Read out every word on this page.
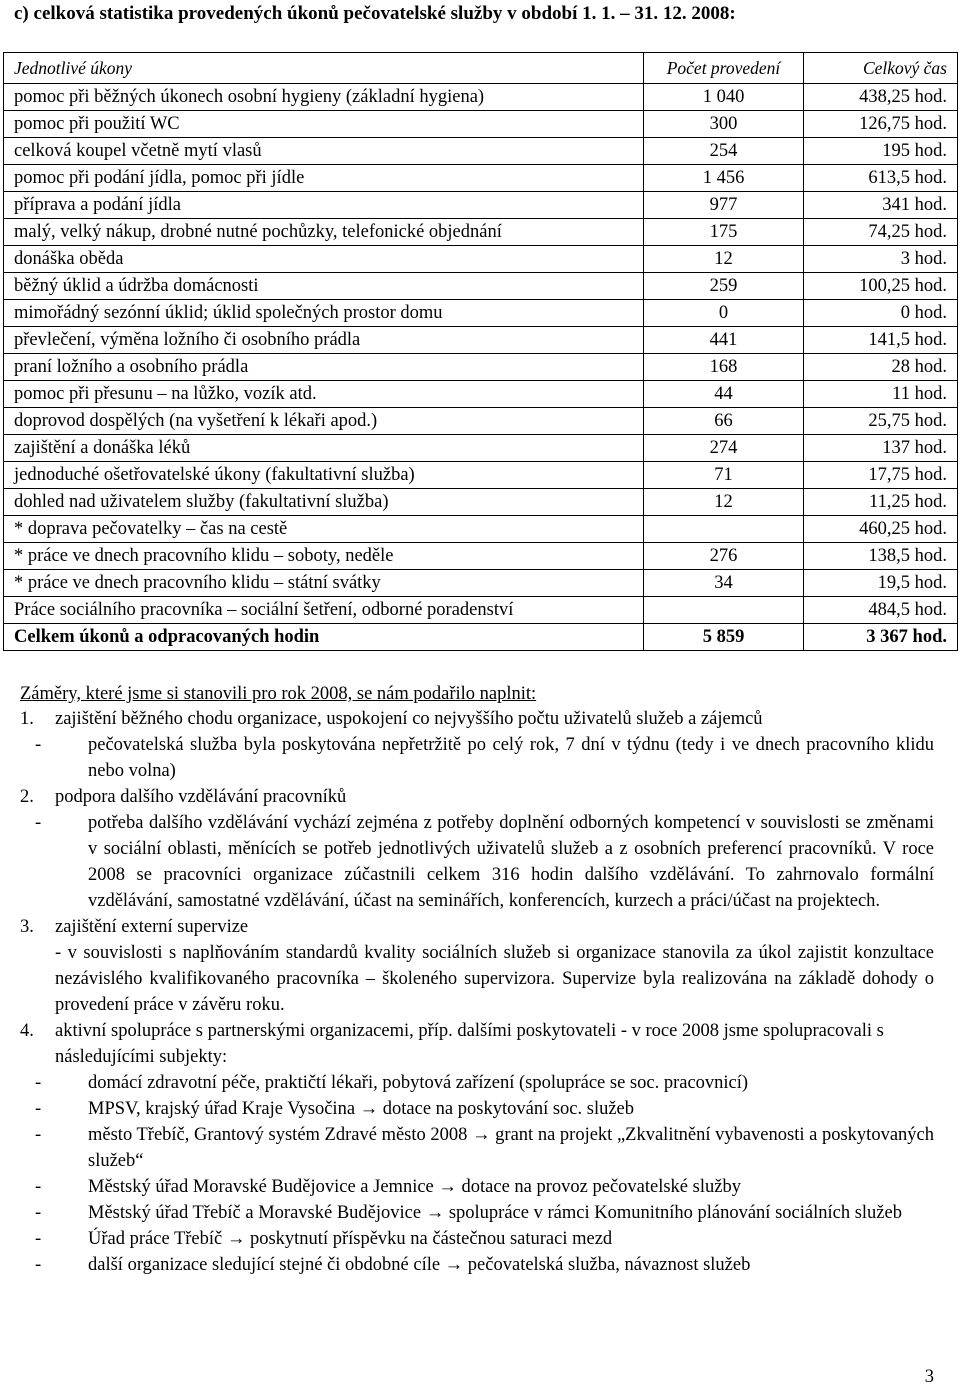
c) celková statistika provedených úkonů pečovatelské služby v období 1. 1. – 31. 12. 2008:
Jednotlivé úkony	Počet provedení	Celkový čas
pomoc při běžných úkonech osobní hygieny (základní hygiena)	1 040	438,25 hod.
pomoc při použití WC	300	126,75 hod.
celková koupel včetně mytí vlasů	254	195 hod.
pomoc při podání jídla, pomoc při jídle	1 456	613,5 hod.
příprava a podání jídla	977	341 hod.
malý, velký nákup, drobné nutné pochůzky, telefonické objednání	175	74,25 hod.
donáška oběda	12	3 hod.
běžný úklid a údržba domácnosti	259	100,25 hod.
mimořádný sezónní úklid; úklid společných prostor domu	0	0 hod.
převlečení, výměna ložního či osobního prádla	441	141,5 hod.
praní ložního a osobního prádla	168	28 hod.
pomoc při přesunu – na lůžko, vozík atd.	44	11 hod.
doprovod dospělých (na vyšetření k lékaři apod.)	66	25,75 hod.
zajištění a donáška léků	274	137 hod.
jednoduché ošetřovatelské úkony (fakultativní služba)	71	17,75 hod.
dohled nad uživatelem služby (fakultativní služba)	12	11,25 hod.
* doprava pečovatelky – čas na cestě		460,25 hod.
* práce ve dnech pracovního klidu – soboty, neděle	276	138,5 hod.
* práce ve dnech pracovního klidu – státní svátky	34	19,5 hod.
Práce sociálního pracovníka – sociální šetření, odborné poradenství		484,5 hod.
Celkem úkonů a odpracovaných hodin	5 859	3 367 hod.
Záměry, které jsme si stanovili pro rok 2008, se nám podařilo naplnit:
1.	zajištění běžného chodu organizace, uspokojení co nejvyššího počtu uživatelů služeb a zájemců
-	pečovatelská služba byla poskytována nepřetržitě po celý rok, 7 dní v týdnu (tedy i ve dnech pracovního klidu nebo volna)
2.	podpora dalšího vzdělávání pracovníků
-	potřeba dalšího vzdělávání vychází zejména z potřeby doplnění odborných kompetencí v souvislosti se změnami v sociální oblasti, měnících se potřeb jednotlivých uživatelů služeb a z osobních preferencí pracovníků. V roce 2008 se pracovníci organizace zúčastnili celkem 316 hodin dalšího vzdělávání. To zahrnovalo formální vzdělávání, samostatné vzdělávání, účast na seminářích, konferencích, kurzech a práci/účast na projektech.
3.	zajištění externí supervize
- v souvislosti s naplňováním standardů kvality sociálních služeb si organizace stanovila za úkol zajistit konzultace nezávislého kvalifikovaného pracovníka – školeného supervizora. Supervize byla realizována na základě dohody o provedení práce v závěru roku.
4.	aktivní spolupráce s partnerskými organizacemi, příp. dalšími poskytovateli - v roce 2008 jsme spolupracovali s následujícími subjekty:
-	domácí zdravotní péče, praktičtí lékaři, pobytová zařízení (spolupráce se soc. pracovnicí)
-	MPSV, krajský úřad Kraje Vysočina → dotace na poskytování soc. služeb
-	město Třebíč, Grantový systém Zdravé město 2008 → grant na projekt „Zkvalitnění vybavenosti a poskytovaných služeb“
-	Městský úřad Moravské Budějovice a Jemnice → dotace na provoz pečovatelské služby
-	Městský úřad Třebíč a Moravské Budějovice → spolupráce v rámci Komunitního plánování sociálních služeb
-	Úřad práce Třebíč → poskytnutí příspěvku na částečnou saturaci mezd
-	další organizace sledující stejné či obdobné cíle → pečovatelská služba, návaznost služeb
3
